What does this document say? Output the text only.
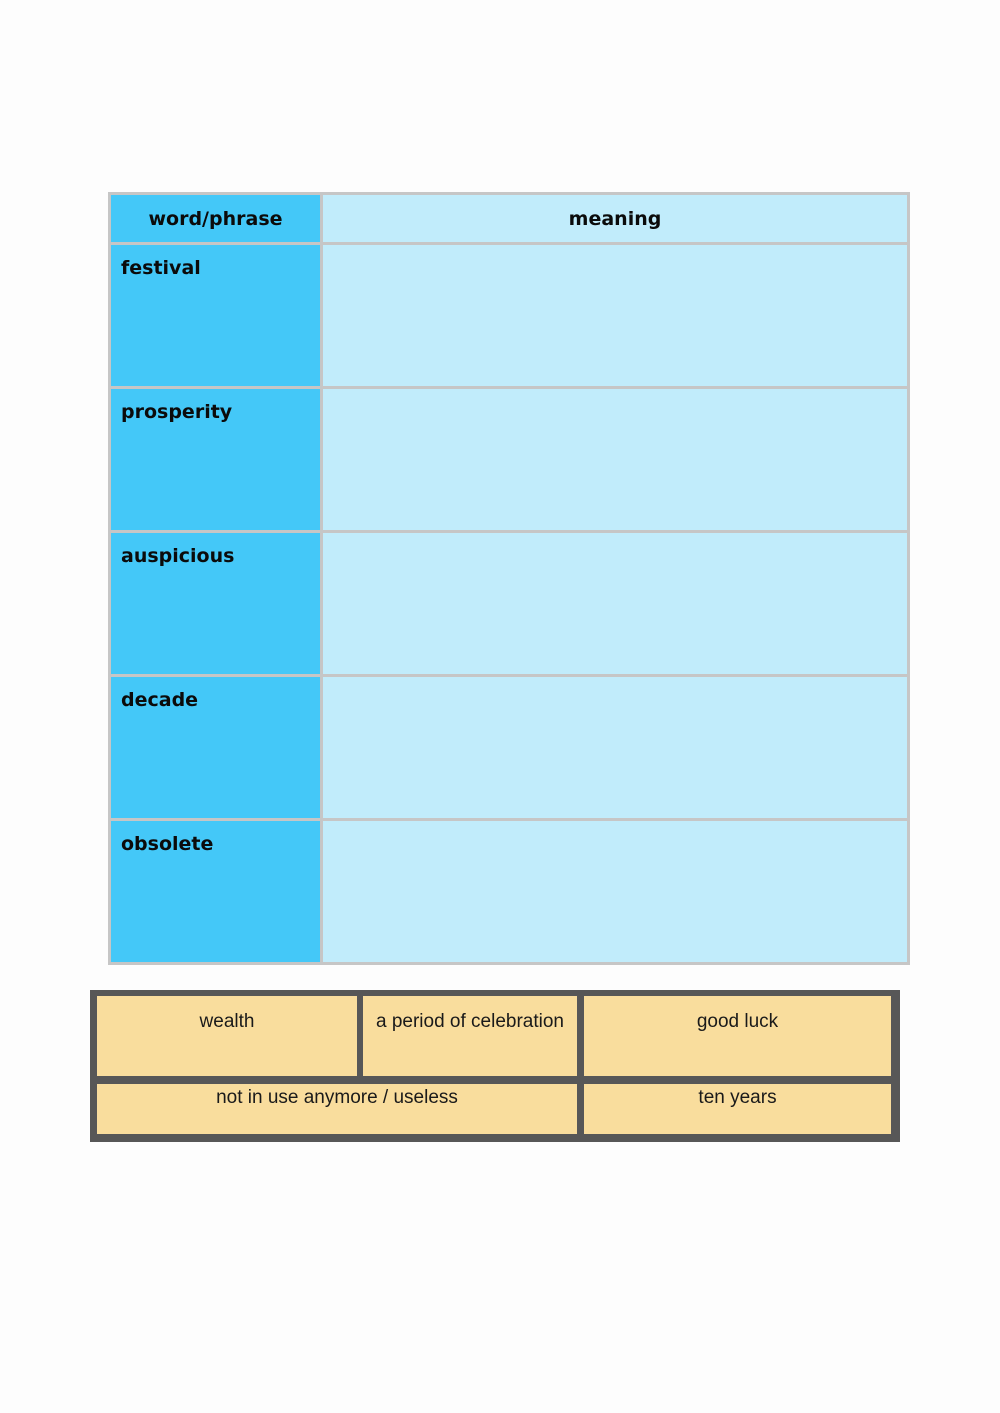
word/phrase	meaning
festival	
prosperity	
auspicious	
decade	
obsolete	
wealth	a period of celebration	good luck
not in use anymore / useless	ten years
